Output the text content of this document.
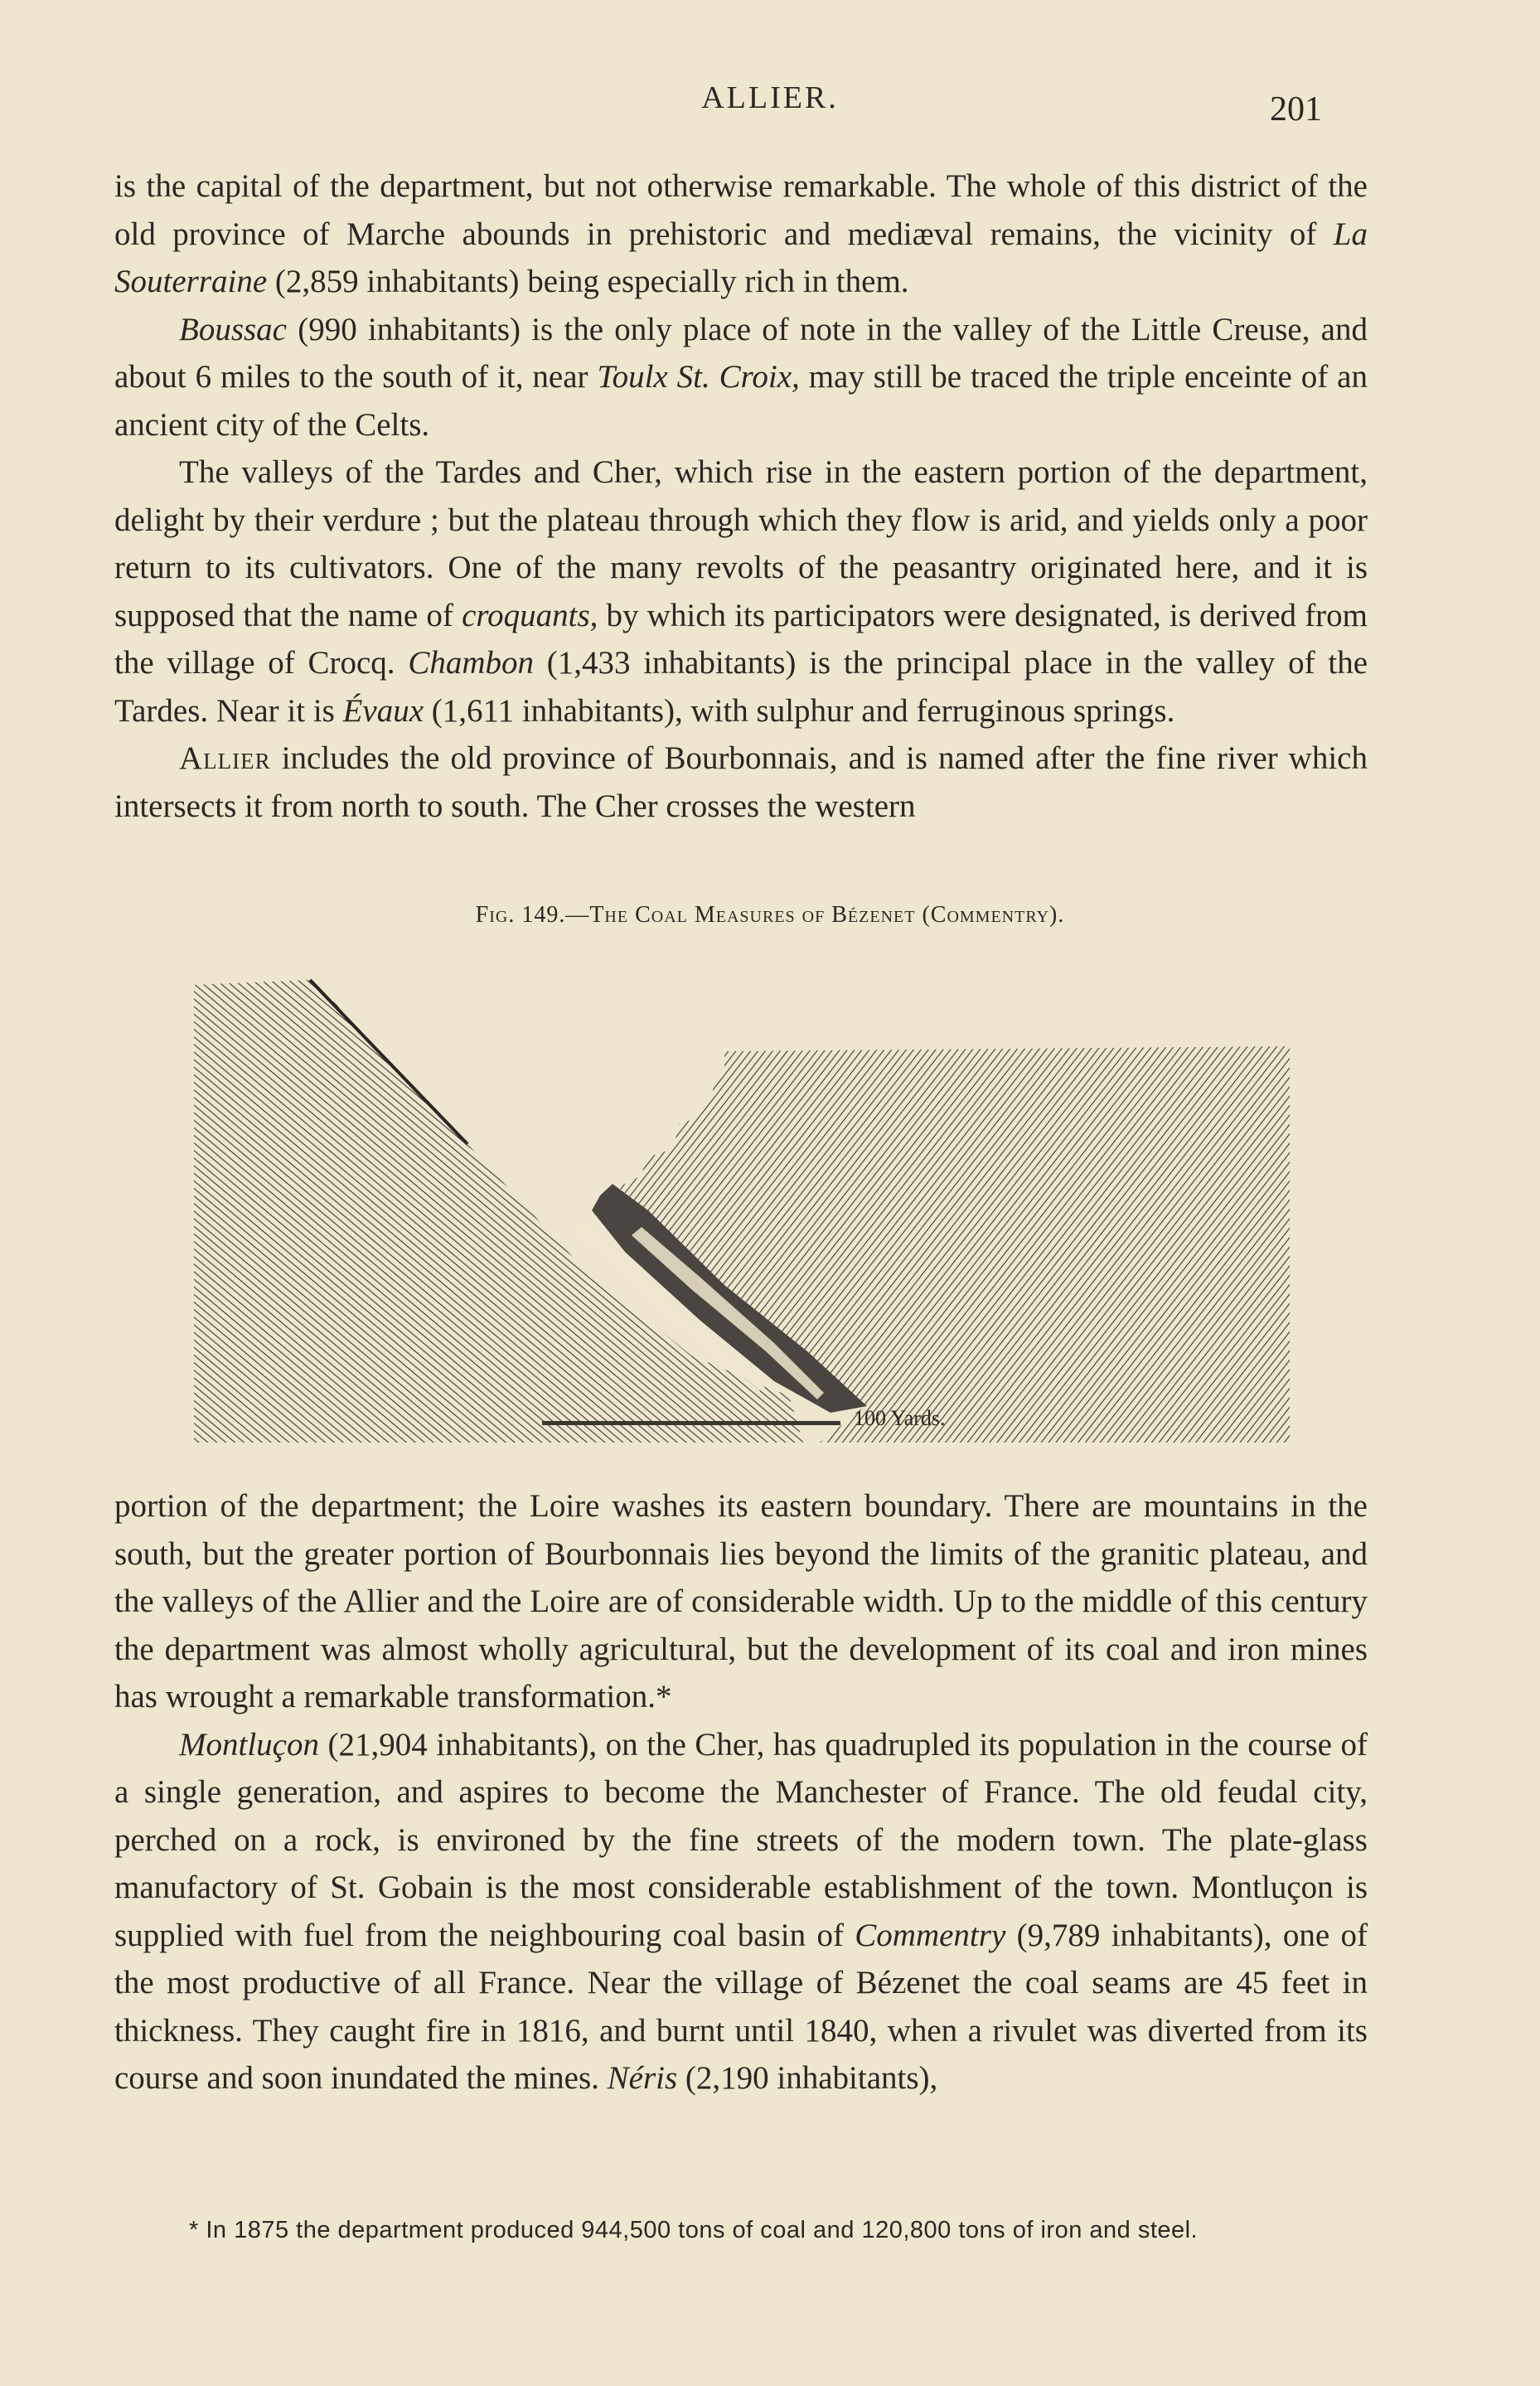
ALLIER.	201

is the capital of the department, but not otherwise remarkable. The whole of this district of the old province of Marche abounds in prehistoric and mediæval remains, the vicinity of La Souterraine (2,859 inhabitants) being especially rich in them.

Boussac (990 inhabitants) is the only place of note in the valley of the Little Creuse, and about 6 miles to the south of it, near Toulx St. Croix, may still be traced the triple enceinte of an ancient city of the Celts.

The valleys of the Tardes and Cher, which rise in the eastern portion of the department, delight by their verdure ; but the plateau through which they flow is arid, and yields only a poor return to its cultivators. One of the many revolts of the peasantry originated here, and it is supposed that the name of croquants, by which its participators were designated, is derived from the village of Crocq. Chambon (1,433 inhabitants) is the principal place in the valley of the Tardes. Near it is Évaux (1,611 inhabitants), with sulphur and ferruginous springs.

Allier includes the old province of Bourbonnais, and is named after the fine river which intersects it from north to south. The Cher crosses the western

Fig. 149.—The Coal Measures of Bézenet (Commentry).
100 Yards.

portion of the department; the Loire washes its eastern boundary. There are mountains in the south, but the greater portion of Bourbonnais lies beyond the limits of the granitic plateau, and the valleys of the Allier and the Loire are of considerable width. Up to the middle of this century the department was almost wholly agricultural, but the development of its coal and iron mines has wrought a remarkable transformation.*

Montluçon (21,904 inhabitants), on the Cher, has quadrupled its population in the course of a single generation, and aspires to become the Manchester of France. The old feudal city, perched on a rock, is environed by the fine streets of the modern town. The plate-glass manufactory of St. Gobain is the most considerable establishment of the town. Montluçon is supplied with fuel from the neighbouring coal basin of Commentry (9,789 inhabitants), one of the most productive of all France. Near the village of Bézenet the coal seams are 45 feet in thickness. They caught fire in 1816, and burnt until 1840, when a rivulet was diverted from its course and soon inundated the mines. Néris (2,190 inhabitants),

* In 1875 the department produced 944,500 tons of coal and 120,800 tons of iron and steel.
